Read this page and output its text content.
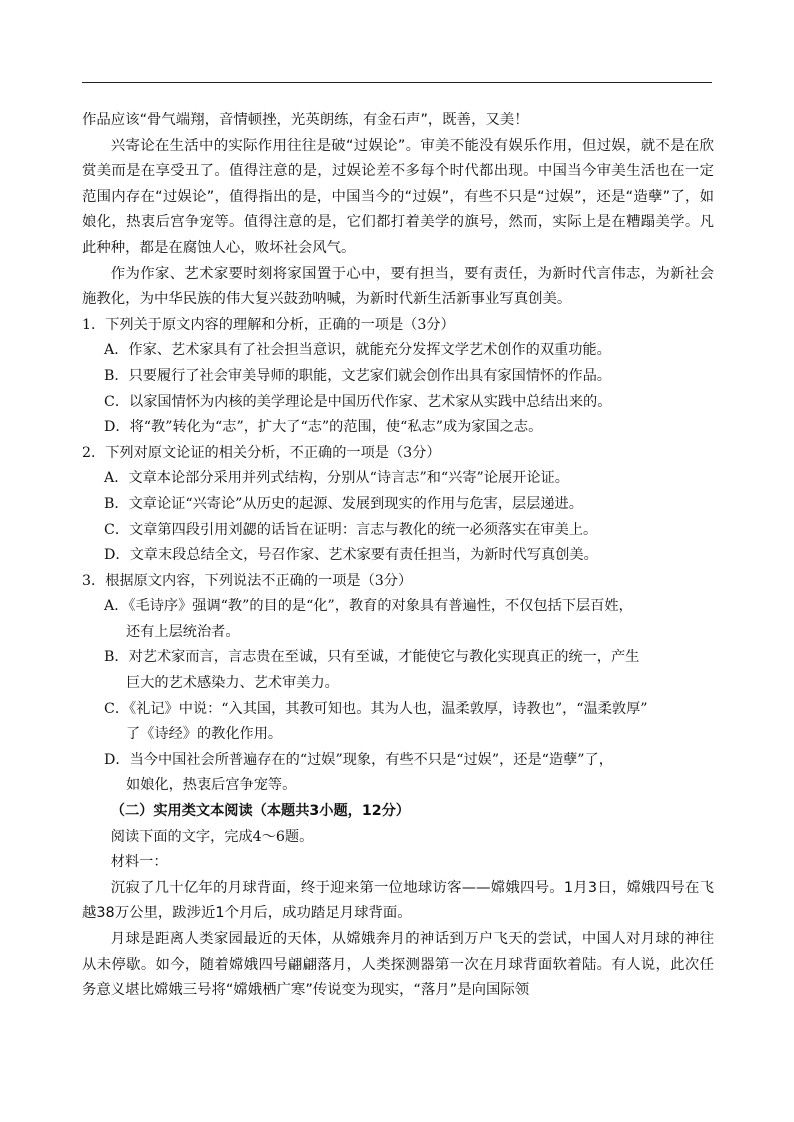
作品应该“骨气端翔，音情顿挫，光英朗练，有金石声”，既善，又美！

兴寄论在生活中的实际作用往往是破“过娱论”。审美不能没有娱乐作用，但过娱，就不是在欣赏美而是在享受丑了。值得注意的是，过娱论差不多每个时代都出现。中国当今审美生活也在一定范围内存在“过娱论”，值得指出的是，中国当今的“过娱”，有些不只是“过娱”，还是“造孽”了，如娘化，热衷后宫争宠等。值得注意的是，它们都打着美学的旗号，然而，实际上是在糟蹋美学。凡此种种，都是在腐蚀人心，败坏社会风气。

作为作家、艺术家要时刻将家国置于心中，要有担当，要有责任，为新时代言伟志，为新社会施教化，为中华民族的伟大复兴鼓劲呐喊，为新时代新生活新事业写真创美。

1．下列关于原文内容的理解和分析，正确的一项是（3分）

A．作家、艺术家具有了社会担当意识，就能充分发挥文学艺术创作的双重功能。

B．只要履行了社会审美导师的职能，文艺家们就会创作出具有家国情怀的作品。

C．以家国情怀为内核的美学理论是中国历代作家、艺术家从实践中总结出来的。

D．将“教”转化为“志”，扩大了“志”的范围，使“私志”成为家国之志。

2．下列对原文论证的相关分析，不正确的一项是（3分）

A．文章本论部分采用并列式结构，分别从“诗言志”和“兴寄”论展开论证。

B．文章论证“兴寄论”从历史的起源、发展到现实的作用与危害，层层递进。

C．文章第四段引用刘勰的话旨在证明：言志与教化的统一必须落实在审美上。

D．文章末段总结全文，号召作家、艺术家要有责任担当，为新时代写真创美。

3．根据原文内容，下列说法不正确的一项是（3分）

A．《毛诗序》强调“教”的目的是“化”，教育的对象具有普遍性，不仅包括下层百姓，
还有上层统治者。
B．对艺术家而言，言志贵在至诚，只有至诚，才能使它与教化实现真正的统一，产生
巨大的艺术感染力、艺术审美力。
C．《礼记》中说：“入其国，其教可知也。其为人也，温柔敦厚，诗教也”，“温柔敦厚”
了《诗经》的教化作用。
D．当今中国社会所普遍存在的“过娱”现象，有些不只是“过娱”，还是“造孽”了，
如娘化，热衷后宫争宠等。

（二）实用类文本阅读（本题共3小题，12分）

阅读下面的文字，完成4～6题。

材料一：

沉寂了几十亿年的月球背面，终于迎来第一位地球访客——嫦娥四号。1月3日，嫦娥四号在飞越38万公里，跋涉近1个月后，成功踏足月球背面。

月球是距离人类家园最近的天体，从嫦娥奔月的神话到万户飞天的尝试，中国人对月球的神往从未停歇。如今，随着嫦娥四号翩翩落月，人类探测器第一次在月球背面软着陆。有人说，此次任务意义堪比嫦娥三号将“嫦娥栖广寒”传说变为现实，“落月”是向国际领
